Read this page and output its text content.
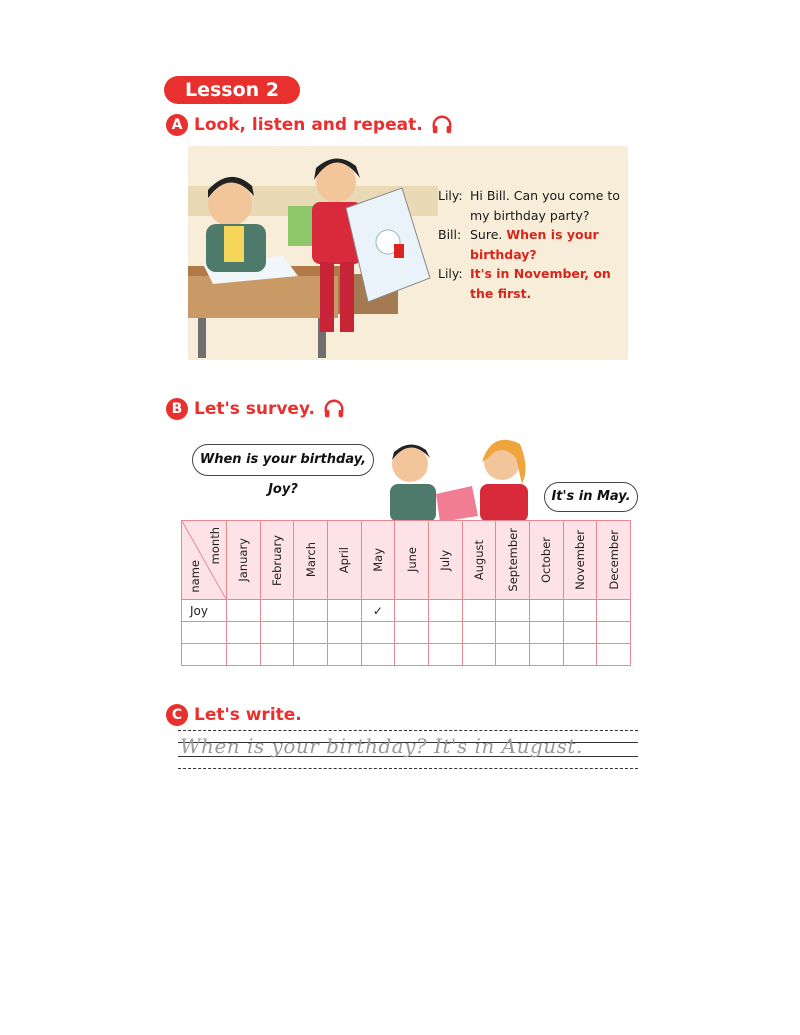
Lesson 2
A Look, listen and repeat.
Lily: Hi Bill. Can you come to my birthday party?
Bill: Sure. When is your birthday?
Lily: It's in November, on the first.
B Let's survey.
When is your birthday, Joy?	It's in May.
month
name	January	February	March	April	May	June	July	August	September	October	November	December

Joy					✓							

C Let's write.
When is your birthday? It's in August.
